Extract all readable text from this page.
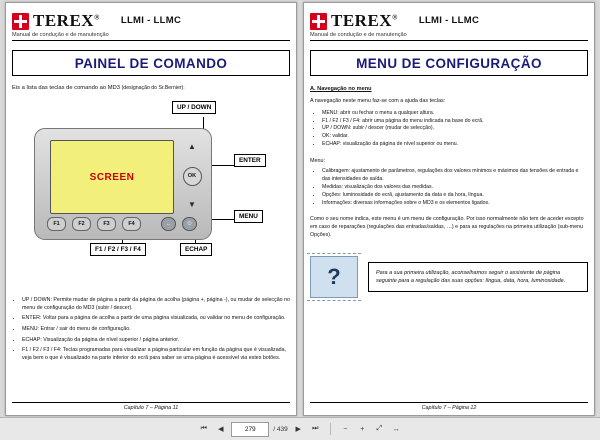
TEREX®	LLMI - LLMC
Manual de condução e de manutenção
PAINEL DE COMANDO
Eis a lista das teclas de comando ao MD3 (designação do Sr.Bernier):
UP / DOWN
ENTER
MENU
F1 / F2 / F3 / F4	ECHAP
SCREEN
F1	F2	F3	F4	←	⏻
▲
OK
▼
• UP / DOWN: Permite mudar de página a partir da página de acolha (página +, página -), ou mudar de selecção no menu de configuração do MD3 (subir / descer).
• ENTER: Voltar para a página de acolha a partir de uma página visualizada, ou validar no menu de configuração.
• MENU: Entrar / sair do menu de configuração.
• ECHAP: Visualização da página de nível superior / página anterior.
• F1 / F2 / F3 / F4: Teclas programadas para visualizar a página particular em função da página que é visualizada, veja bem o que é visualizado na parte inferior do ecrã para saber se uma página é acessível via estes botões.
Capítulo 7 – Página 11
TEREX®	LLMI - LLMC
Manual de condução e de manutenção
MENU DE CONFIGURAÇÃO
A. Navegação no menu
A navegação neste menu faz-se com a ajuda das teclas:
• MENU: abrir ou fechar o menu a qualquer altura.
• F1 / F2 / F3 / F4: abrir uma página do menu indicada na base do ecrã.
• UP / DOWN: subir / descer (mudar de selecção).
• OK: validar.
• ECHAP: visualização da página de nível superior ou menu.
Menu:
• Calibragem: ajustamento de parâmetros, regulações dos valores mínimos e máximos das tensões de entrada e das intensidades de saída.
• Medidas: visualização dos valores das medidas.
• Opções: luminosidade do ecrã, ajustamento da data e da hora, língua.
• Informações: diversas informações sobre o MD3 e os elementos ligados.
Como o seu nome indica, este menu é um menu de configuração. Por isso normalmente não tem de aceder excepto em caso de reparações (regulações das entradas/saídas, …) e para as regulações na primeira utilização (sub-menu Opções).
?	Para a sua primeira utilização, aconselhamos seguir o assistente de página seguinte para a regulação das suas opções: língua, data, hora, luminosidade.
Capítulo 7 – Página 12
⏮	◀	279	/ 439	▶	⏭	−	+	⤢	↔
